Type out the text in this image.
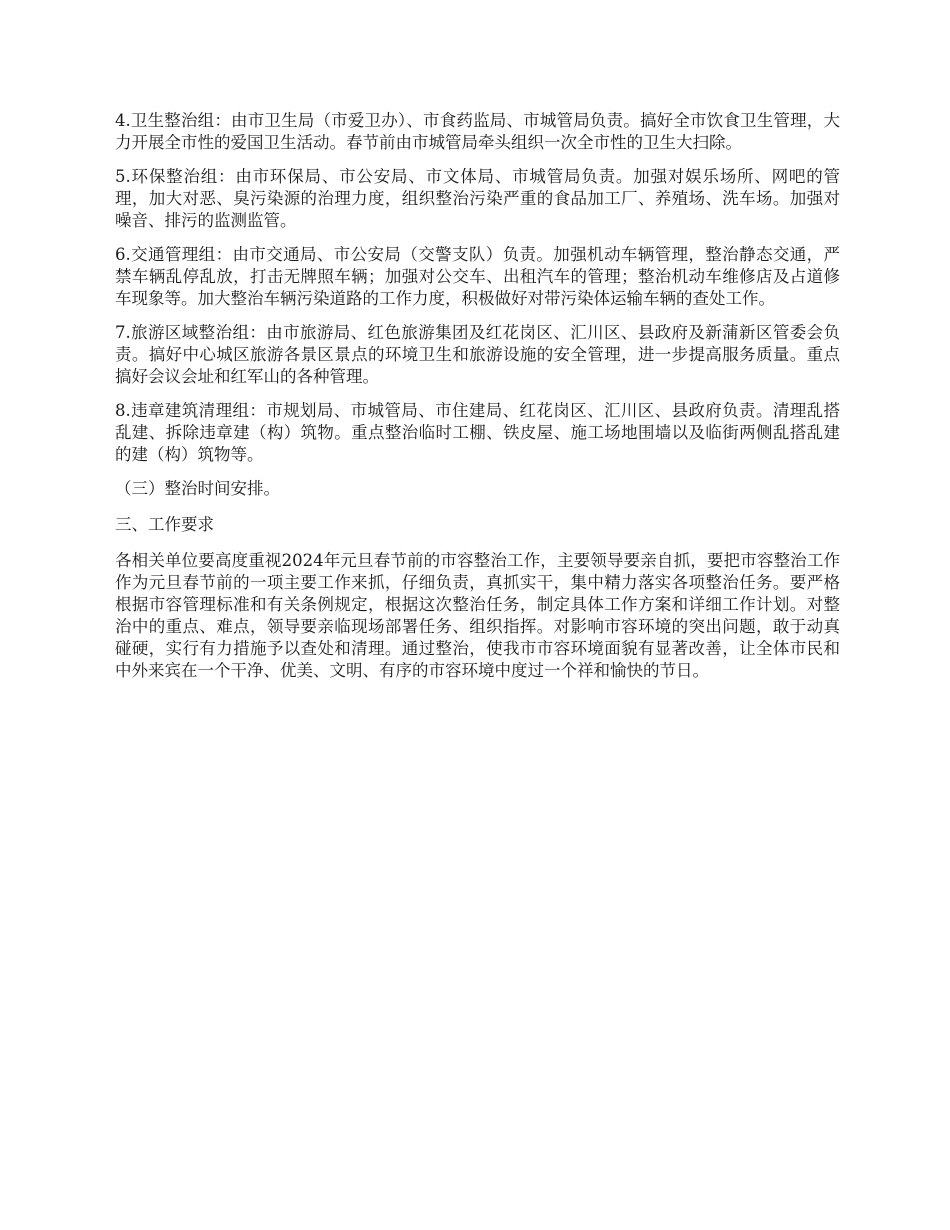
4.卫生整治组：由市卫生局（市爱卫办）、市食药监局、市城管局负责。搞好全市饮食卫生管理，大力开展全市性的爱国卫生活动。春节前由市城管局牵头组织一次全市性的卫生大扫除。

5.环保整治组：由市环保局、市公安局、市文体局、市城管局负责。加强对娱乐场所、网吧的管理，加大对恶、臭污染源的治理力度，组织整治污染严重的食品加工厂、养殖场、洗车场。加强对噪音、排污的监测监管。

6.交通管理组：由市交通局、市公安局（交警支队）负责。加强机动车辆管理，整治静态交通，严禁车辆乱停乱放，打击无牌照车辆；加强对公交车、出租汽车的管理；整治机动车维修店及占道修车现象等。加大整治车辆污染道路的工作力度，积极做好对带污染体运输车辆的查处工作。

7.旅游区域整治组：由市旅游局、红色旅游集团及红花岗区、汇川区、县政府及新蒲新区管委会负责。搞好中心城区旅游各景区景点的环境卫生和旅游设施的安全管理，进一步提高服务质量。重点搞好会议会址和红军山的各种管理。

8.违章建筑清理组：市规划局、市城管局、市住建局、红花岗区、汇川区、县政府负责。清理乱搭乱建、拆除违章建（构）筑物。重点整治临时工棚、铁皮屋、施工场地围墙以及临街两侧乱搭乱建的建（构）筑物等。

（三）整治时间安排。

三、工作要求

各相关单位要高度重视2024年元旦春节前的市容整治工作，主要领导要亲自抓，要把市容整治工作作为元旦春节前的一项主要工作来抓，仔细负责，真抓实干，集中精力落实各项整治任务。要严格根据市容管理标准和有关条例规定，根据这次整治任务，制定具体工作方案和详细工作计划。对整治中的重点、难点，领导要亲临现场部署任务、组织指挥。对影响市容环境的突出问题，敢于动真碰硬，实行有力措施予以查处和清理。通过整治，使我市市容环境面貌有显著改善，让全体市民和中外来宾在一个干净、优美、文明、有序的市容环境中度过一个祥和愉快的节日。
